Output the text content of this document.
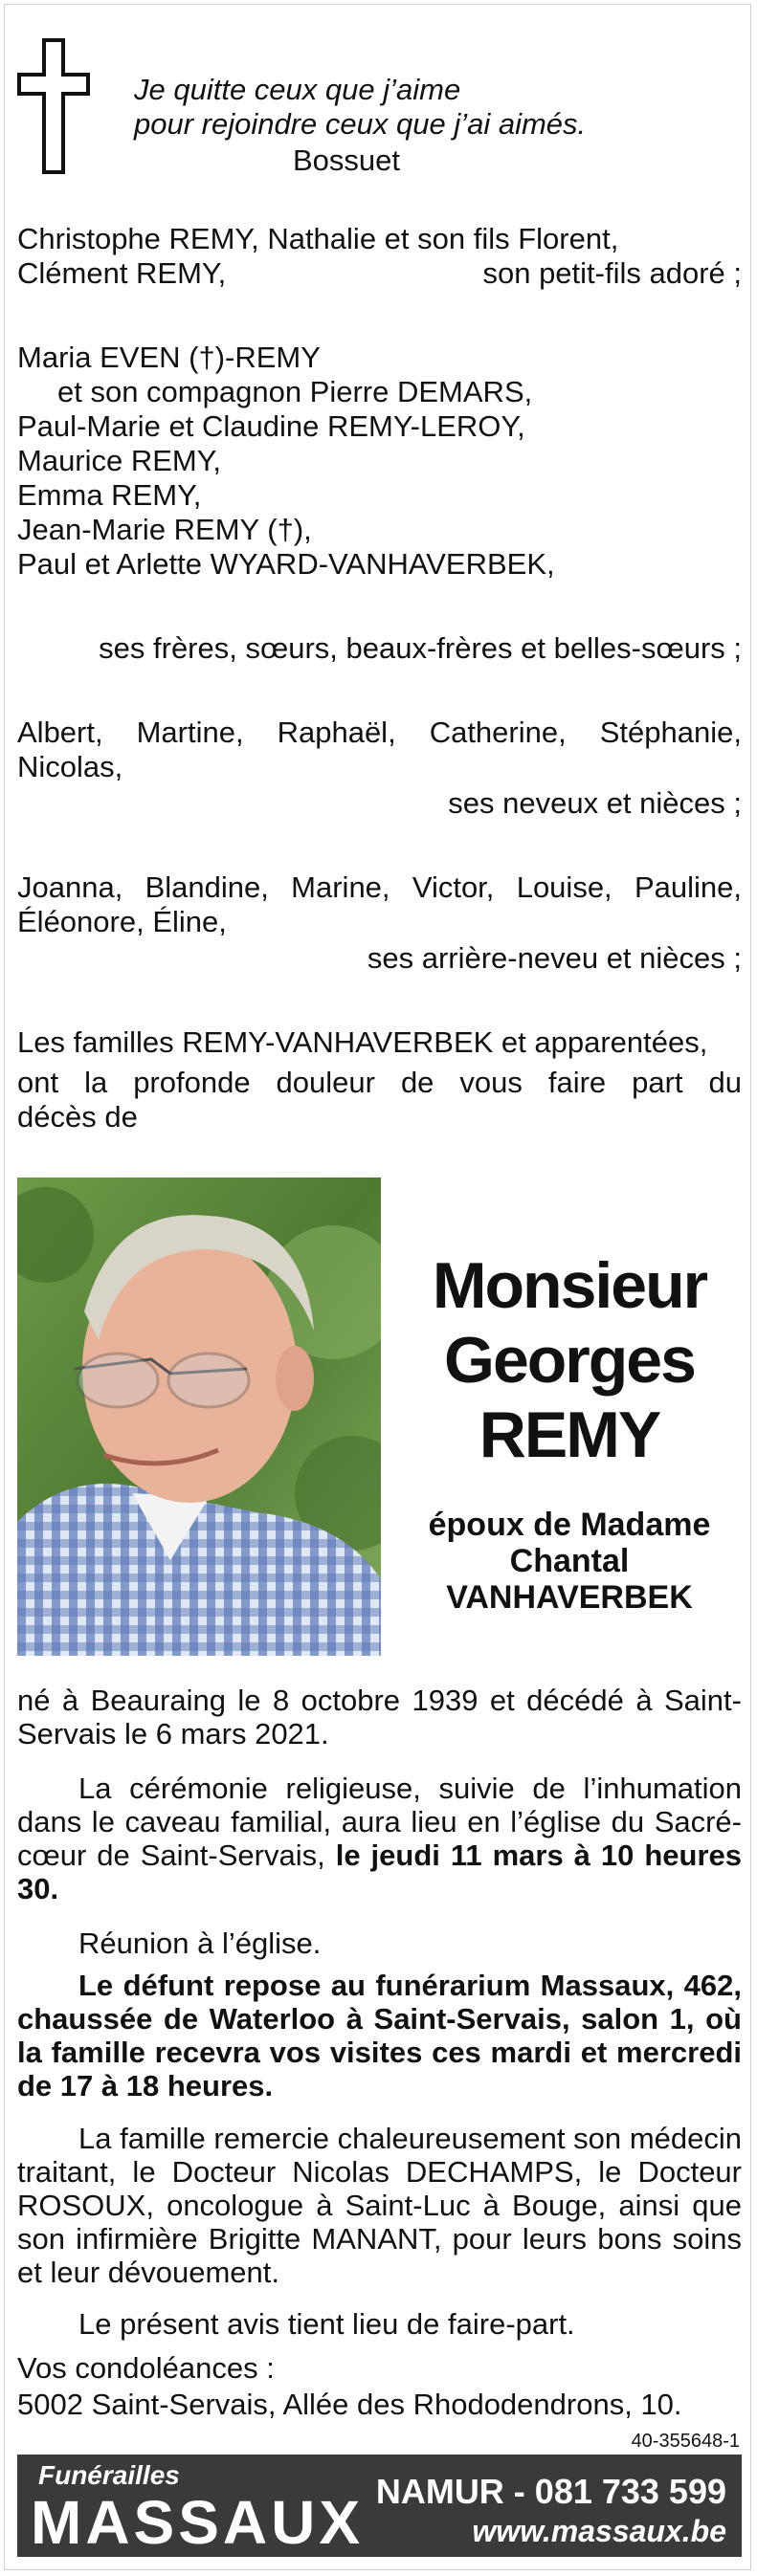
Je quitte ceux que j’aime
pour rejoindre ceux que j’ai aimés.
Bossuet
Christophe REMY, Nathalie et son fils Florent,
Clément REMY,	son petit-fils adoré ;
Maria EVEN (†)-REMY
et son compagnon Pierre DEMARS,
Paul-Marie et Claudine REMY-LEROY,
Maurice REMY,
Emma REMY,
Jean-Marie REMY (†),
Paul et Arlette WYARD-VANHAVERBEK,
ses frères, sœurs, beaux-frères et belles-sœurs ;
Albert, Martine, Raphaël, Catherine, Stéphanie,
Nicolas,
ses neveux et nièces ;
Joanna, Blandine, Marine, Victor, Louise, Pauline,
Éléonore, Éline,
ses arrière-neveu et nièces ;
Les familles REMY-VANHAVERBEK et apparentées,
ont la profonde douleur de vous faire part du
décès de
Monsieur
Georges
REMY
époux de Madame
Chantal
VANHAVERBEK
né à Beauraing le 8 octobre 1939 et décédé à Saint-Servais le 6 mars 2021.
La cérémonie religieuse, suivie de l’inhumation dans le caveau familial, aura lieu en l’église du Sacré-cœur de Saint-Servais, le jeudi 11 mars à 10 heures 30.
Réunion à l’église.
Le défunt repose au funérarium Massaux, 462, chaussée de Waterloo à Saint-Servais, salon 1, où la famille recevra vos visites ces mardi et mercredi de 17 à 18 heures.
La famille remercie chaleureusement son médecin traitant, le Docteur Nicolas DECHAMPS, le Docteur ROSOUX, oncologue à Saint-Luc à Bouge, ainsi que son infirmière Brigitte MANANT, pour leurs bons soins et leur dévouement.
Le présent avis tient lieu de faire-part.
Vos condoléances :
5002 Saint-Servais, Allée des Rhododendrons, 10.
40-355648-1
Funérailles
MASSAUX NAMUR - 081 733 599
www.massaux.be
